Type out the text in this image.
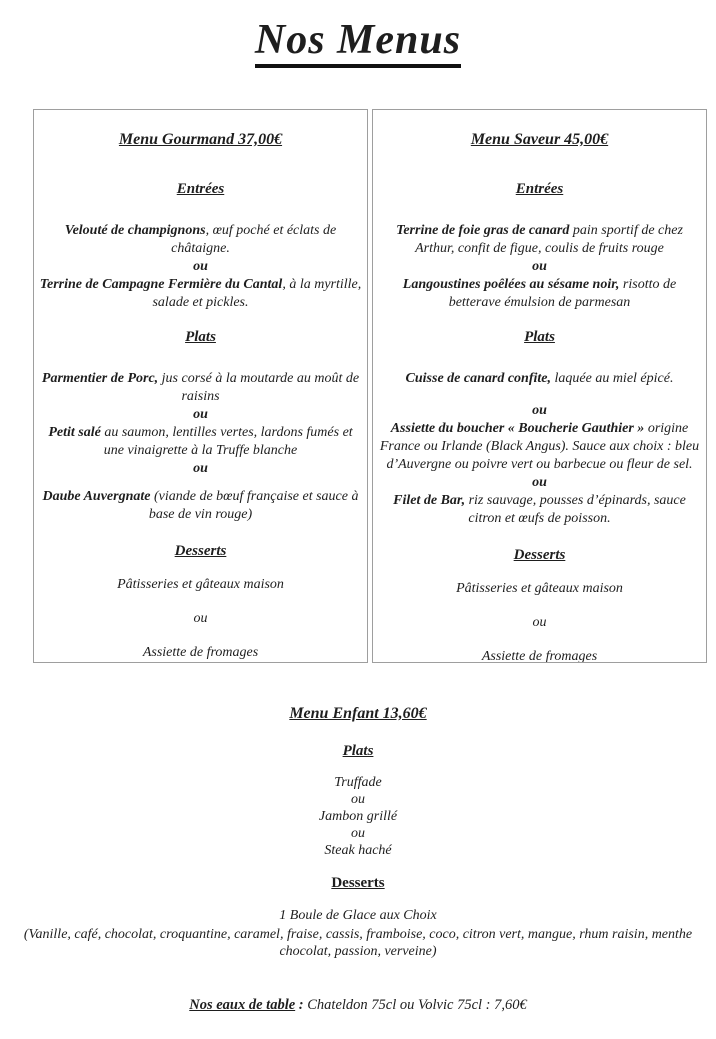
Nos Menus
Menu Gourmand 37,00€
Entrées

Velouté de champignons, œuf poché et éclats de châtaigne.

ou

Terrine de Campagne Fermière du Cantal, à la myrtille, salade et pickles.

Plats

Parmentier de Porc, jus corsé à la moutarde au moût de raisins

ou

Petit salé au saumon, lentilles vertes, lardons fumés et une vinaigrette à la Truffe blanche

ou

Daube Auvergnate (viande de bœuf française et sauce à base de vin rouge)

Desserts

Pâtisseries et gâteaux maison

ou

Assiette de fromages

Menu Saveur 45,00€
Entrées

Terrine de foie gras de canard pain sportif de chez Arthur, confit de figue, coulis de fruits rouge

ou

Langoustines poêlées au sésame noir, risotto de betterave émulsion de parmesan

Plats

Cuisse de canard confite, laquée au miel épicé.

ou

Assiette du boucher « Boucherie Gauthier » origine France ou Irlande (Black Angus). Sauce aux choix : bleu d’Auvergne ou poivre vert ou barbecue ou fleur de sel.

ou

Filet de Bar, riz sauvage, pousses d’épinards, sauce citron et œufs de poisson.

Desserts

Pâtisseries et gâteaux maison

ou

Assiette de fromages

Menu Enfant 13,60€
Plats

Truffade

ou

Jambon grillé

ou

Steak haché

Desserts

1 Boule de Glace aux Choix

(Vanille, café, chocolat, croquantine, caramel, fraise, cassis, framboise, coco, citron vert, mangue, rhum raisin, menthe chocolat, passion, verveine)

Nos eaux de table : Chateldon 75cl ou Volvic 75cl : 7,60€
